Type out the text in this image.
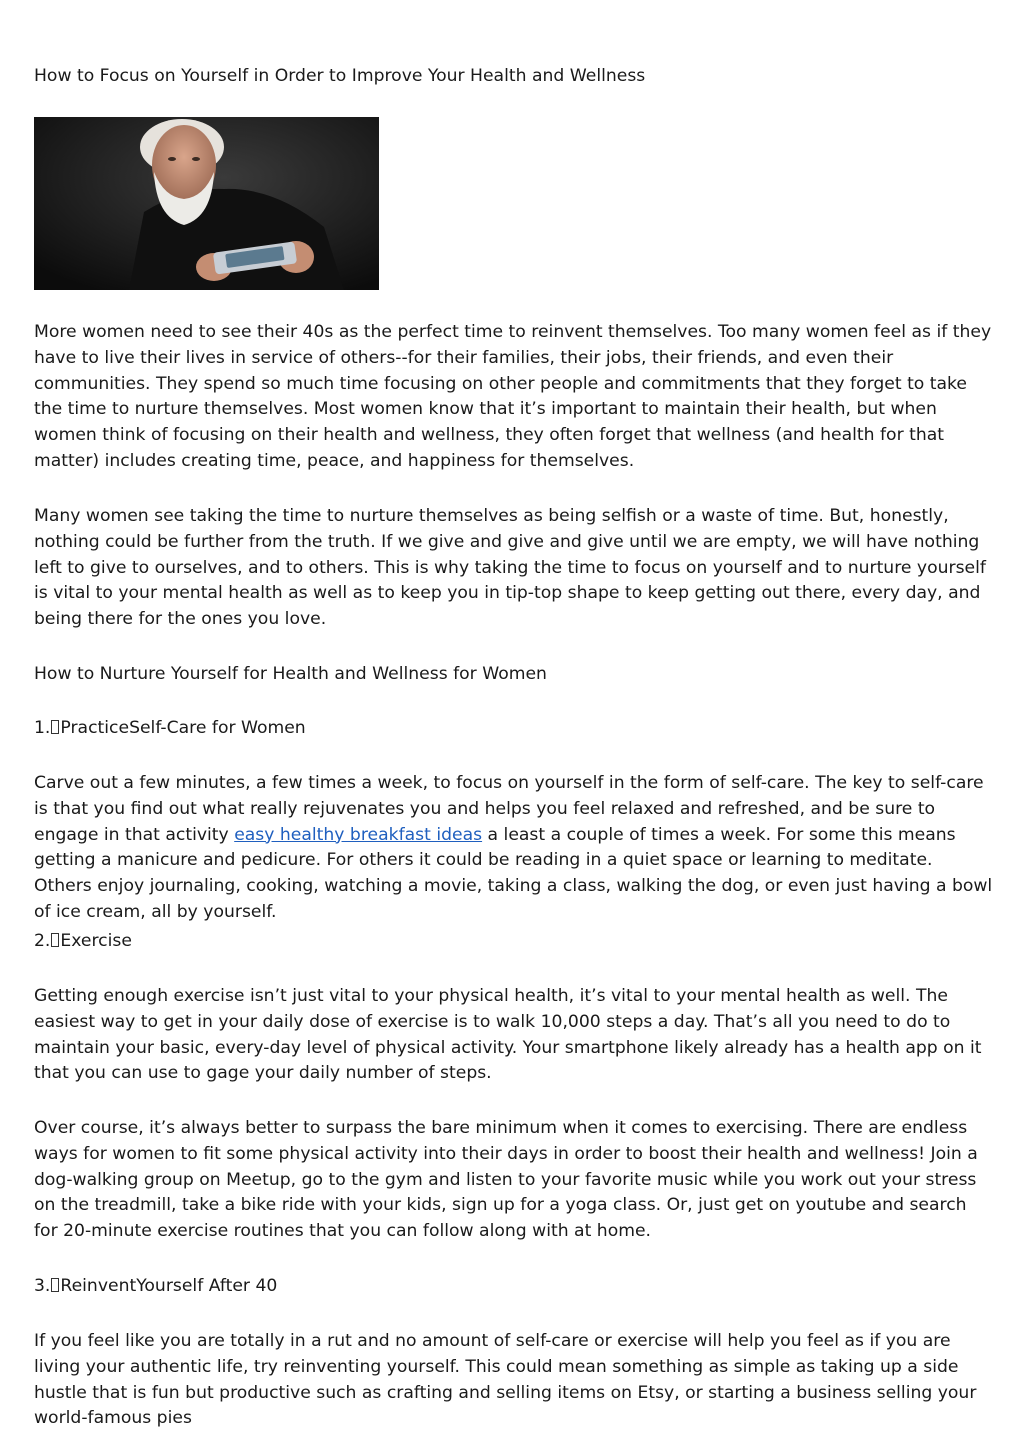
How to Focus on Yourself in Order to Improve Your Health and Wellness

More women need to see their 40s as the perfect time to reinvent themselves. Too many women feel as if they have to live their lives in service of others--for their families, their jobs, their friends, and even their communities. They spend so much time focusing on other people and commitments that they forget to take the time to nurture themselves. Most women know that it’s important to maintain their health, but when women think of focusing on their health and wellness, they often forget that wellness (and health for that matter) includes creating time, peace, and happiness for themselves.

Many women see taking the time to nurture themselves as being selfish or a waste of time. But, honestly, nothing could be further from the truth. If we give and give and give until we are empty, we will have nothing left to give to ourselves, and to others. This is why taking the time to focus on yourself and to nurture yourself is vital to your mental health as well as to keep you in tip-top shape to keep getting out there, every day, and being there for the ones you love.

How to Nurture Yourself for Health and Wellness for Women

1. PracticeSelf-Care for Women

Carve out a few minutes, a few times a week, to focus on yourself in the form of self-care. The key to self-care is that you find out what really rejuvenates you and helps you feel relaxed and refreshed, and be sure to engage in that activity easy healthy breakfast ideas a least a couple of times a week. For some this means getting a manicure and pedicure. For others it could be reading in a quiet space or learning to meditate. Others enjoy journaling, cooking, watching a movie, taking a class, walking the dog, or even just having a bowl of ice cream, all by yourself.

2. Exercise

Getting enough exercise isn’t just vital to your physical health, it’s vital to your mental health as well. The easiest way to get in your daily dose of exercise is to walk 10,000 steps a day. That’s all you need to do to maintain your basic, every-day level of physical activity. Your smartphone likely already has a health app on it that you can use to gage your daily number of steps.

Over course, it’s always better to surpass the bare minimum when it comes to exercising. There are endless ways for women to fit some physical activity into their days in order to boost their health and wellness! Join a dog-walking group on Meetup, go to the gym and listen to your favorite music while you work out your stress on the treadmill, take a bike ride with your kids, sign up for a yoga class. Or, just get on youtube and search for 20-minute exercise routines that you can follow along with at home.

3. ReinventYourself After 40

If you feel like you are totally in a rut and no amount of self-care or exercise will help you feel as if you are living your authentic life, try reinventing yourself. This could mean something as simple as taking up a side hustle that is fun but productive such as crafting and selling items on Etsy, or starting a business selling your world-famous pies
